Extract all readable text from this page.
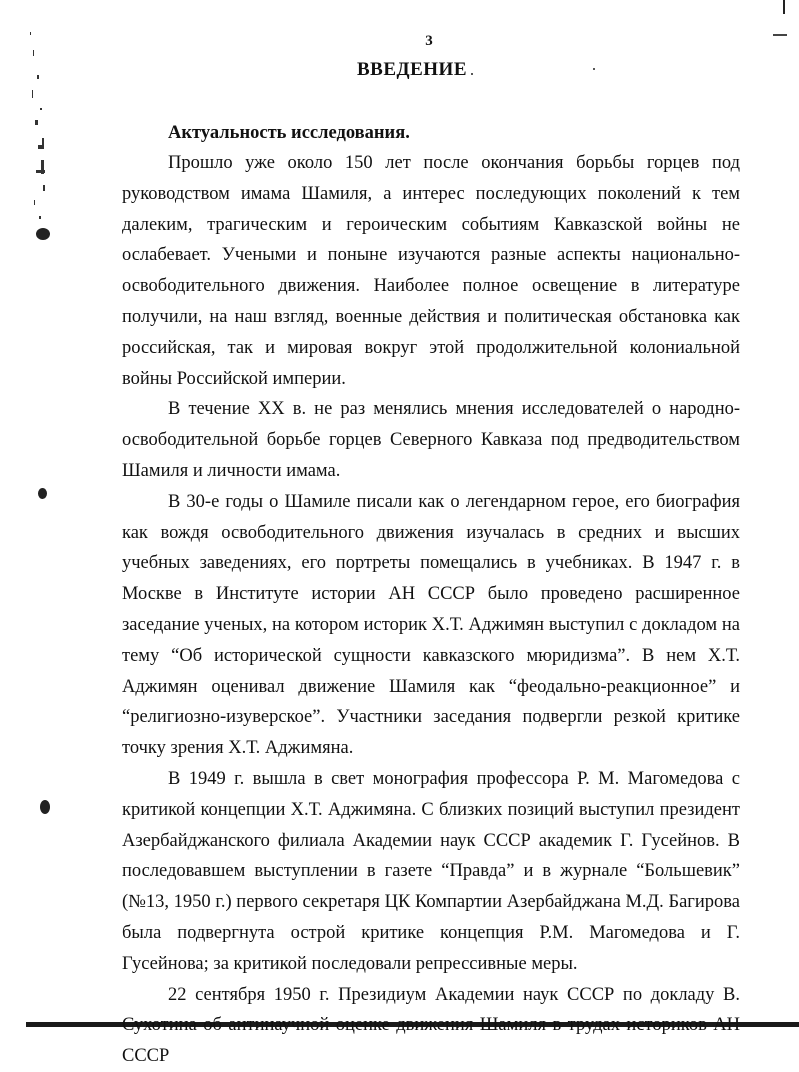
3
ВВЕДЕНИЕ

Актуальность исследования.

Прошло уже около 150 лет после окончания борьбы горцев под руководством имама Шамиля, а интерес последующих поколений к тем далеким, трагическим и героическим событиям Кавказской войны не ослабевает. Учеными и поныне изучаются разные аспекты национально-освободительного движения. Наиболее полное освещение в литературе получили, на наш взгляд, военные действия и политическая обстановка как российская, так и мировая вокруг этой продолжительной колониальной войны Российской империи.

В течение XX в. не раз менялись мнения исследователей о народно-освободительной борьбе горцев Северного Кавказа под предводительством Шамиля и личности имама.

В 30-е годы о Шамиле писали как о легендарном герое, его биография как вождя освободительного движения изучалась в средних и высших учебных заведениях, его портреты помещались в учебниках. В 1947 г. в Москве в Институте истории АН СССР было проведено расширенное заседание ученых, на котором историк Х.Т. Аджимян выступил с докладом на тему “Об исторической сущности кавказского мюридизма”. В нем Х.Т. Аджимян оценивал движение Шамиля как “феодально-реакционное” и “религиозно-изуверское”. Участники заседания подвергли резкой критике точку зрения Х.Т. Аджимяна.

В 1949 г. вышла в свет монография профессора Р. М. Магомедова с критикой концепции Х.Т. Аджимяна. С близких позиций выступил президент Азербайджанского филиала Академии наук СССР академик Г. Гусейнов. В последовавшем выступлении в газете “Правда” и в журнале “Большевик” (№13, 1950 г.) первого секретаря ЦК Компартии Азербайджана М.Д. Багирова была подвергнута острой критике концепция Р.М. Магомедова и Г. Гусейнова; за критикой последовали репрессивные меры.

22 сентября 1950 г. Президиум Академии наук СССР по докладу В. Сухотина об антинаучной оценке движения Шамиля в трудах историков АН СССР
